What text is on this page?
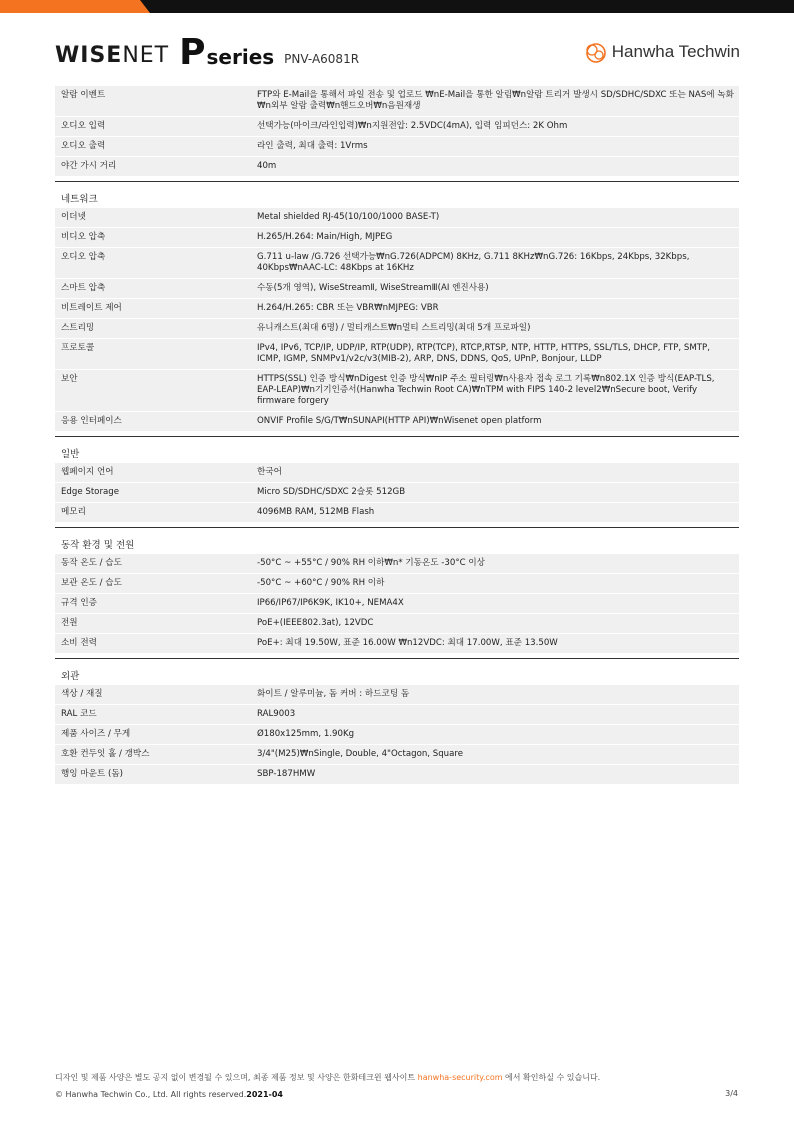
WISENET P series PNV-A6081R	Hanwha Techwin
알람 이벤트	FTP와 E-Mail을 통해서 파일 전송 및 업로드 ₩nE-Mail을 통한 알림₩n알람 트리거 발생시 SD/SDHC/SDXC 또는 NAS에 녹화₩n외부 알람 출력₩n핸드오버₩n음원재생
오디오 입력	선택가능(마이크/라인입력)₩n지원전압: 2.5VDC(4mA), 입력 임피던스: 2K Ohm
오디오 출력	라인 출력, 최대 출력: 1Vrms
야간 가시 거리	40m

네트워크	
이더넷	Metal shielded RJ-45(10/100/1000 BASE-T)
비디오 압축	H.265/H.264: Main/High, MJPEG
오디오 압축	G.711 u-law /G.726 선택가능₩nG.726(ADPCM) 8KHz, G.711 8KHz₩nG.726: 16Kbps, 24Kbps, 32Kbps, 40Kbps₩nAAC-LC: 48Kbps at 16KHz
스마트 압축	수동(5개 영역), WiseStreamⅡ, WiseStreamⅢ(AI 엔진사용)
비트레이트 제어	H.264/H.265: CBR 또는 VBR₩nMJPEG: VBR
스트리밍	유니캐스트(최대 6명) / 멀티캐스트₩n멀티 스트리밍(최대 5개 프로파일)
프로토콜	IPv4, IPv6, TCP/IP, UDP/IP, RTP(UDP), RTP(TCP), RTCP,RTSP, NTP, HTTP, HTTPS, SSL/TLS, DHCP, FTP, SMTP, ICMP, IGMP, SNMPv1/v2c/v3(MIB-2), ARP, DNS, DDNS, QoS, UPnP, Bonjour, LLDP
보안	HTTPS(SSL) 인증 방식₩nDigest 인증 방식₩nIP 주소 필터링₩n사용자 접속 로그 기록₩n802.1X 인증 방식(EAP-TLS, EAP-LEAP)₩n기기인증서(Hanwha Techwin Root CA)₩nTPM with FIPS 140-2 level2₩nSecure boot, Verify firmware forgery
응용 인터페이스	ONVIF Profile S/G/T₩nSUNAPI(HTTP API)₩nWisenet open platform

일반	
웹페이지 언어	한국어
Edge Storage	Micro SD/SDHC/SDXC 2슬롯 512GB
메모리	4096MB RAM, 512MB Flash

동작 환경 및 전원	
동작 온도 / 습도	-50°C ~ +55°C / 90% RH 이하₩n* 기동온도 -30°C 이상
보관 온도 / 습도	-50°C ~ +60°C / 90% RH 이하
규격 인증	IP66/IP67/IP6K9K, IK10+, NEMA4X
전원	PoE+(IEEE802.3at), 12VDC
소비 전력	PoE+: 최대 19.50W, 표준 16.00W ₩n12VDC: 최대 17.00W, 표준 13.50W

외관	
색상 / 재질	화이트 / 알루미늄, 돔 커버 : 하드코팅 돔
RAL 코드	RAL9003
제품 사이즈 / 무게	Ø180x125mm, 1.90Kg
호환 컨두잇 홀 / 갱박스	3/4"(M25)₩nSingle, Double, 4"Octagon, Square
행잉 마운트 (돔)	SBP-187HMW
디자인 및 제품 사양은 별도 공지 없이 변경될 수 있으며, 최종 제품 정보 및 사양은 한화테크윈 웹사이트 hanwha-security.com 에서 확인하실 수 있습니다.
© Hanwha Techwin Co., Ltd. All rights reserved.2021-04	3/4
